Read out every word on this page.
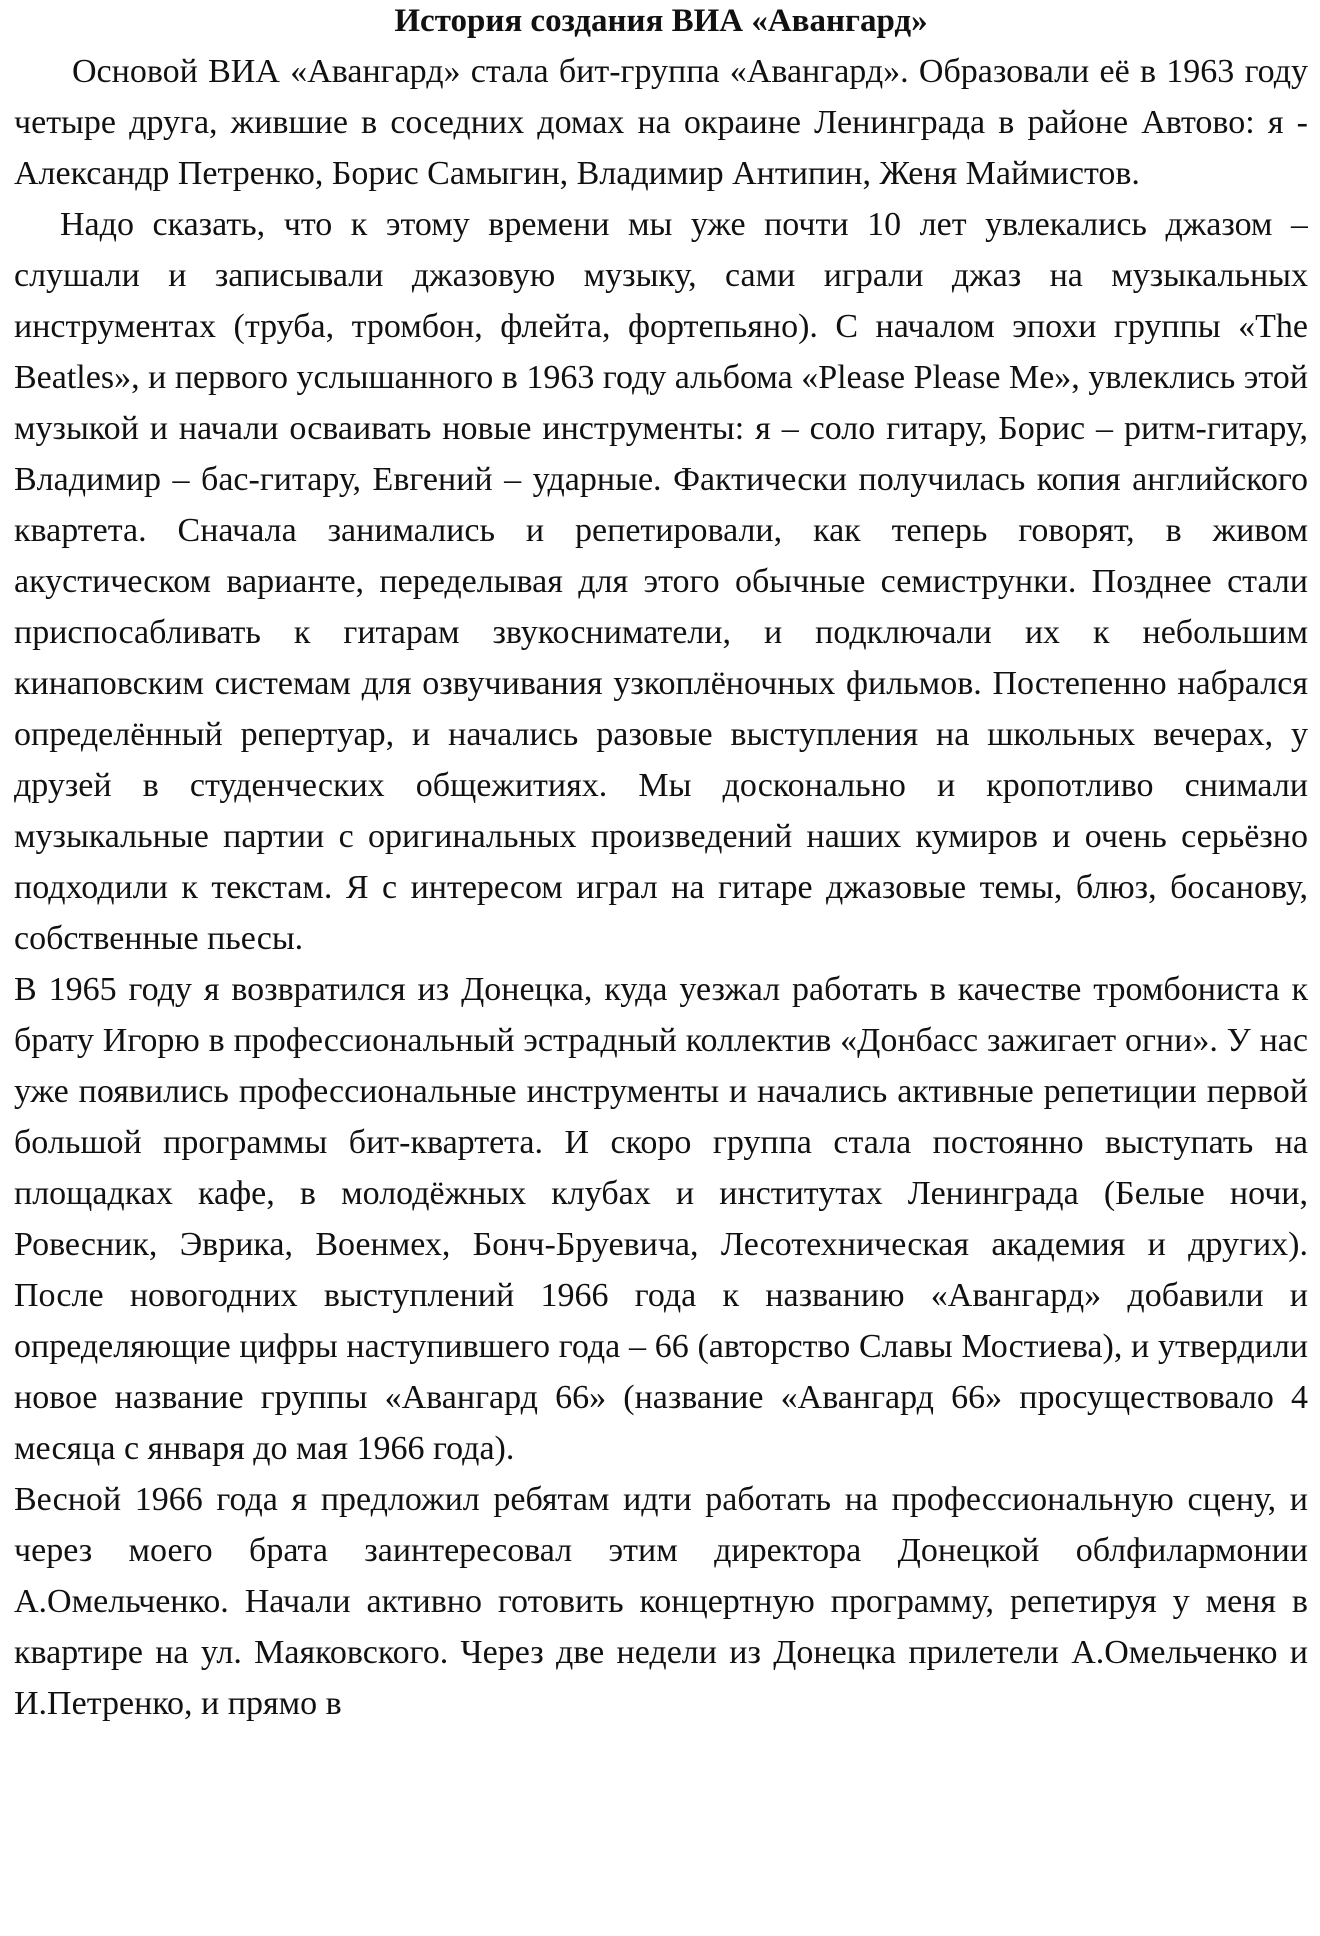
История создания ВИА «Авангард»

Основой ВИА «Авангард» стала бит-группа «Авангард». Образовали её в 1963 году четыре друга, жившие в соседних домах на окраине Ленинграда в районе Автово: я - Александр Петренко, Борис Самыгин, Владимир Антипин, Женя Маймистов.

Надо сказать, что к этому времени мы уже почти 10 лет увлекались джазом – слушали и записывали джазовую музыку, сами играли джаз на музыкальных инструментах (труба, тромбон, флейта, фортепьяно). С началом эпохи группы «The Beatles», и первого услышанного в 1963 году альбома «Please Please Me», увлеклись этой музыкой и начали осваивать новые инструменты: я – соло гитару, Борис – ритм-гитару, Владимир – бас-гитару, Евгений – ударные. Фактически получилась копия английского квартета. Сначала занимались и репетировали, как теперь говорят, в живом акустическом варианте, переделывая для этого обычные семиструнки. Позднее стали приспосабливать к гитарам звукосниматели, и подключали их к небольшим кинаповским системам для озвучивания узкоплёночных фильмов. Постепенно набрался определённый репертуар, и начались разовые выступления на школьных вечерах, у друзей в студенческих общежитиях. Мы досконально и кропотливо снимали музыкальные партии с оригинальных произведений наших кумиров и очень серьёзно подходили к текстам. Я с интересом играл на гитаре джазовые темы, блюз, босанову, собственные пьесы.

В 1965 году я возвратился из Донецка, куда уезжал работать в качестве тромбониста к брату Игорю в профессиональный эстрадный коллектив «Донбасс зажигает огни». У нас уже появились профессиональные инструменты и начались активные репетиции первой большой программы бит-квартета. И скоро группа стала постоянно выступать на площадках кафе, в молодёжных клубах и институтах Ленинграда (Белые ночи, Ровесник, Эврика, Военмех, Бонч-Бруевича, Лесотехническая академия и других). После новогодних выступлений 1966 года к названию «Авангард» добавили и определяющие цифры наступившего года – 66 (авторство Славы Мостиева), и утвердили новое название группы «Авангард 66» (название «Авангард 66» просуществовало 4 месяца с января до мая 1966 года).

Весной 1966 года я предложил ребятам идти работать на профессиональную сцену, и через моего брата заинтересовал этим директора Донецкой облфилармонии А.Омельченко. Начали активно готовить концертную программу, репетируя у меня в квартире на ул. Маяковского. Через две недели из Донецка прилетели А.Омельченко и И.Петренко, и прямо в
